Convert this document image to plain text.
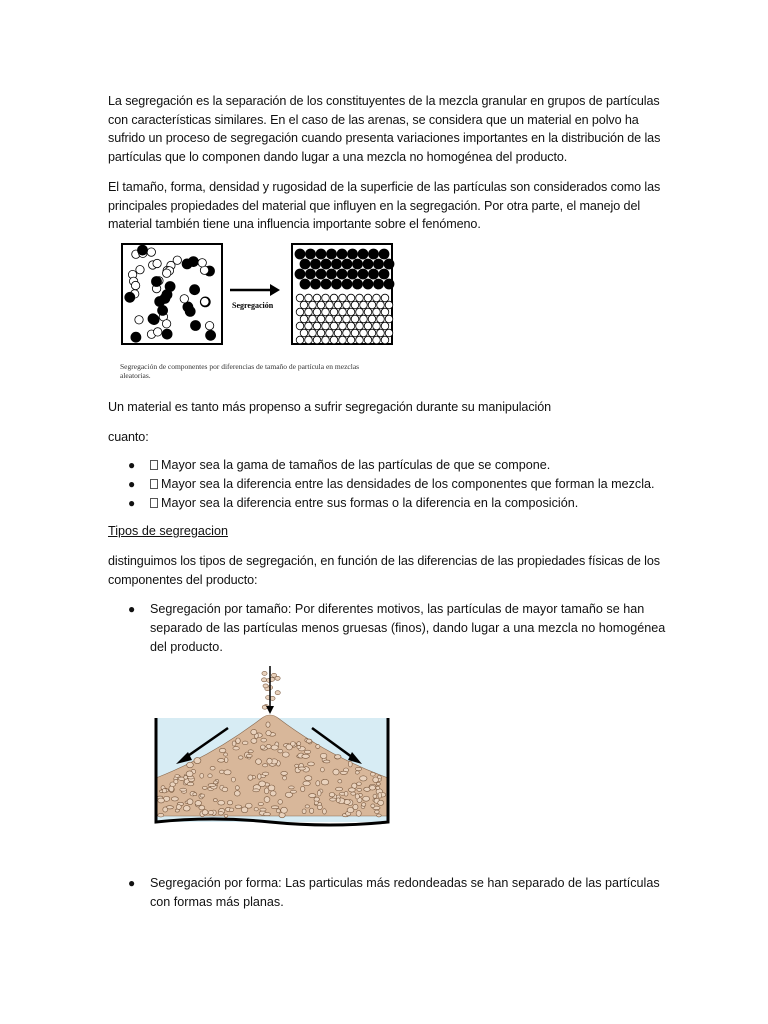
La segregación es la separación de los constituyentes de la mezcla granular en grupos de partículas con características similares. En el caso de las arenas, se considera que un material en polvo ha sufrido un proceso de segregación cuando presenta variaciones importantes en la distribución de las partículas que lo componen dando lugar a una mezcla no homogénea del producto.

El tamaño, forma, densidad y rugosidad de la superficie de las partículas son considerados como las principales propiedades del material que influyen en la segregación. Por otra parte, el manejo del material también tiene una influencia importante sobre el fenómeno.

Segregación
Segregación de componentes por diferencias de tamaño de partícula en mezclas aleatorias.

Un material es tanto más propenso a sufrir segregación durante su manipulación

cuanto:

● Mayor sea la gama de tamaños de las partículas de que se compone.
● Mayor sea la diferencia entre las densidades de los componentes que forman la mezcla.
● Mayor sea la diferencia entre sus formas o la diferencia en la composición.
Tipos de segregacion

distinguimos los tipos de segregación, en función de las diferencias de las propiedades físicas de los componentes del producto:

● Segregación por tamaño: Por diferentes motivos, las partículas de mayor tamaño se han separado de las partículas menos gruesas (finos), dando lugar a una mezcla no homogénea del producto.
● Segregación por forma: Las particulas más redondeadas se han separado de las partículas con formas más planas.
